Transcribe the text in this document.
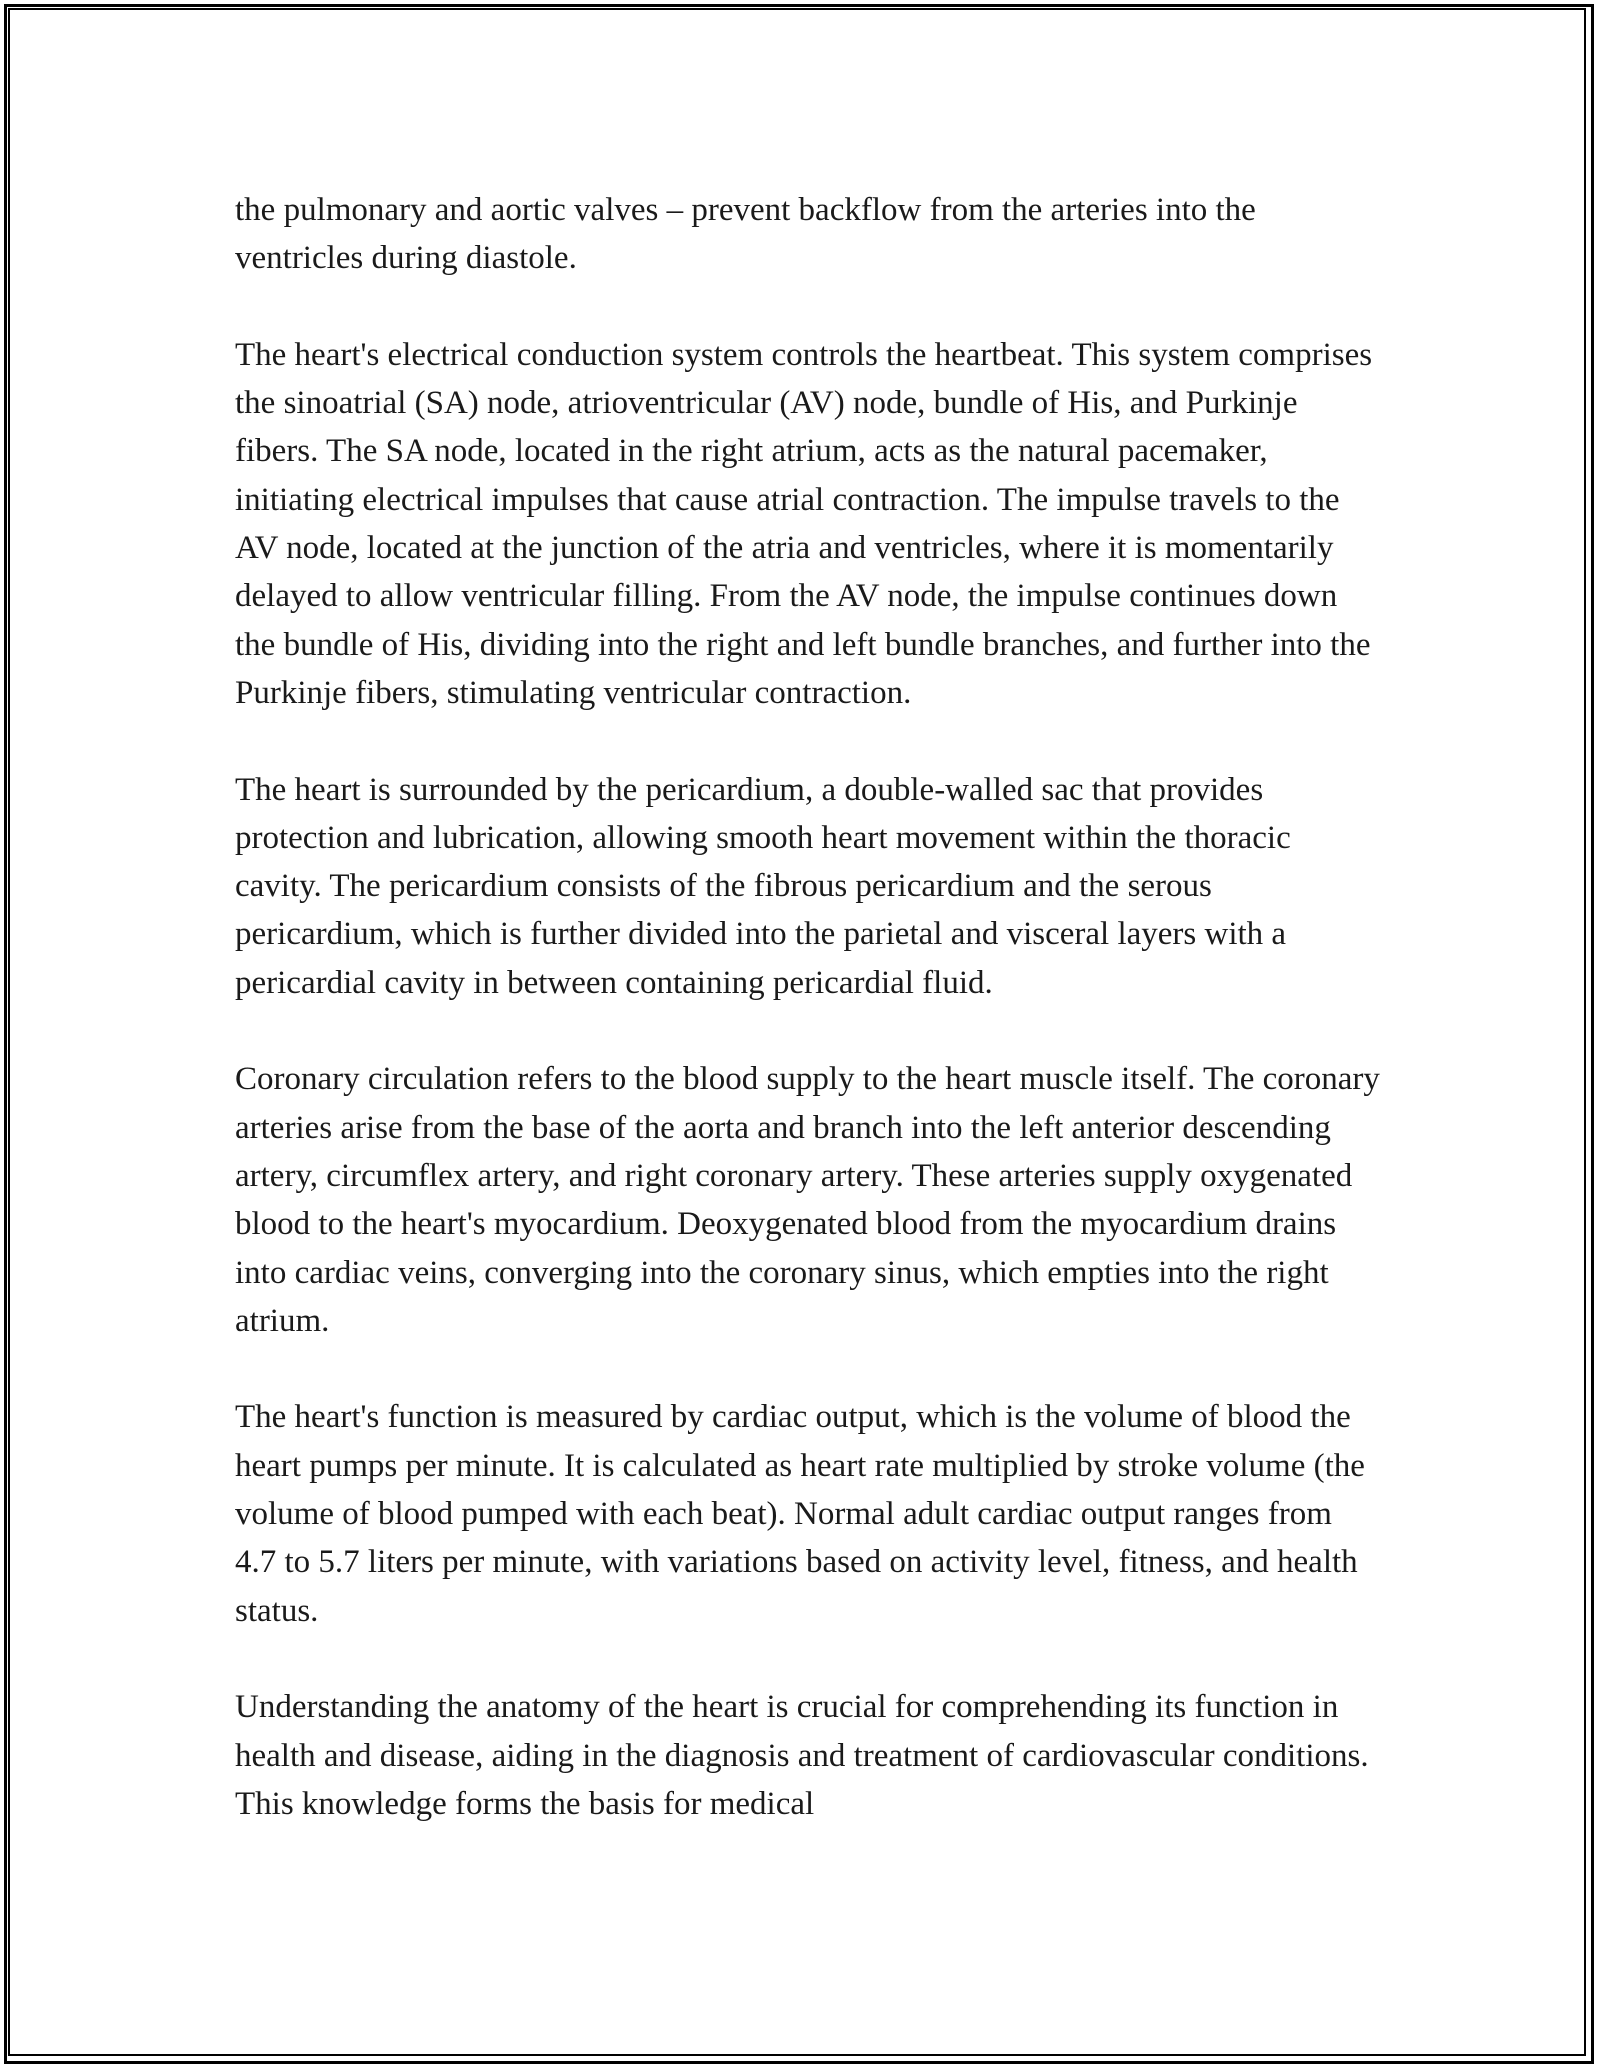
the pulmonary and aortic valves – prevent backflow from the arteries into the ventricles during diastole.

The heart's electrical conduction system controls the heartbeat. This system comprises the sinoatrial (SA) node, atrioventricular (AV) node, bundle of His, and Purkinje fibers. The SA node, located in the right atrium, acts as the natural pacemaker, initiating electrical impulses that cause atrial contraction. The impulse travels to the AV node, located at the junction of the atria and ventricles, where it is momentarily delayed to allow ventricular filling. From the AV node, the impulse continues down the bundle of His, dividing into the right and left bundle branches, and further into the Purkinje fibers, stimulating ventricular contraction.

The heart is surrounded by the pericardium, a double-walled sac that provides protection and lubrication, allowing smooth heart movement within the thoracic cavity. The pericardium consists of the fibrous pericardium and the serous pericardium, which is further divided into the parietal and visceral layers with a pericardial cavity in between containing pericardial fluid.

Coronary circulation refers to the blood supply to the heart muscle itself. The coronary arteries arise from the base of the aorta and branch into the left anterior descending artery, circumflex artery, and right coronary artery. These arteries supply oxygenated blood to the heart's myocardium. Deoxygenated blood from the myocardium drains into cardiac veins, converging into the coronary sinus, which empties into the right atrium.

The heart's function is measured by cardiac output, which is the volume of blood the heart pumps per minute. It is calculated as heart rate multiplied by stroke volume (the volume of blood pumped with each beat). Normal adult cardiac output ranges from 4.7 to 5.7 liters per minute, with variations based on activity level, fitness, and health status.

Understanding the anatomy of the heart is crucial for comprehending its function in health and disease, aiding in the diagnosis and treatment of cardiovascular conditions. This knowledge forms the basis for medical
